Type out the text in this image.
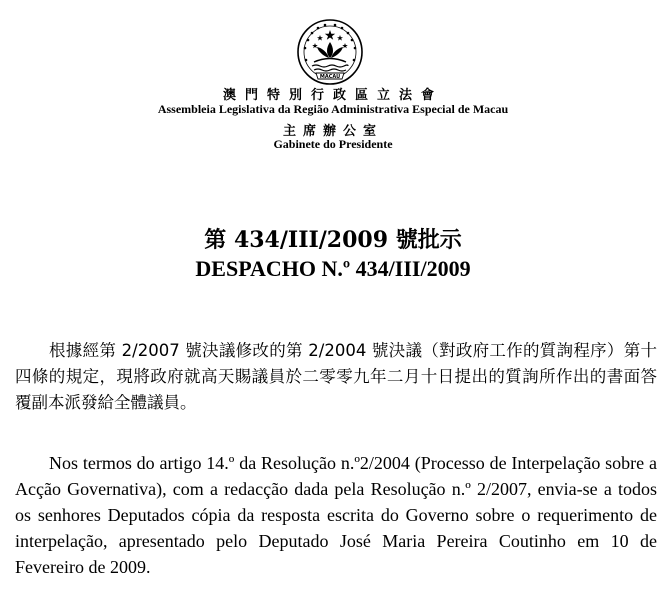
MACAU
澳門特別行政區立法會
Assembleia Legislativa da Região Administrativa Especial de Macau
主席辦公室
Gabinete do Presidente
第 434/III/2009 號批示
DESPACHO N.º 434/III/2009

根據經第 2/2007 號決議修改的第 2/2004 號決議（對政府工作的質詢程序）第十四條的規定，現將政府就高天賜議員於二零零九年二月十日提出的質詢所作出的書面答覆副本派發給全體議員。

Nos termos do artigo 14.º da Resolução n.º2/2004 (Processo de Interpelação sobre a Acção Governativa), com a redacção dada pela Resolução n.º 2/2007, envia-se a todos os senhores Deputados cópia da resposta escrita do Governo sobre o requerimento de interpelação, apresentado pelo Deputado José Maria Pereira Coutinho em 10 de Fevereiro de 2009.
